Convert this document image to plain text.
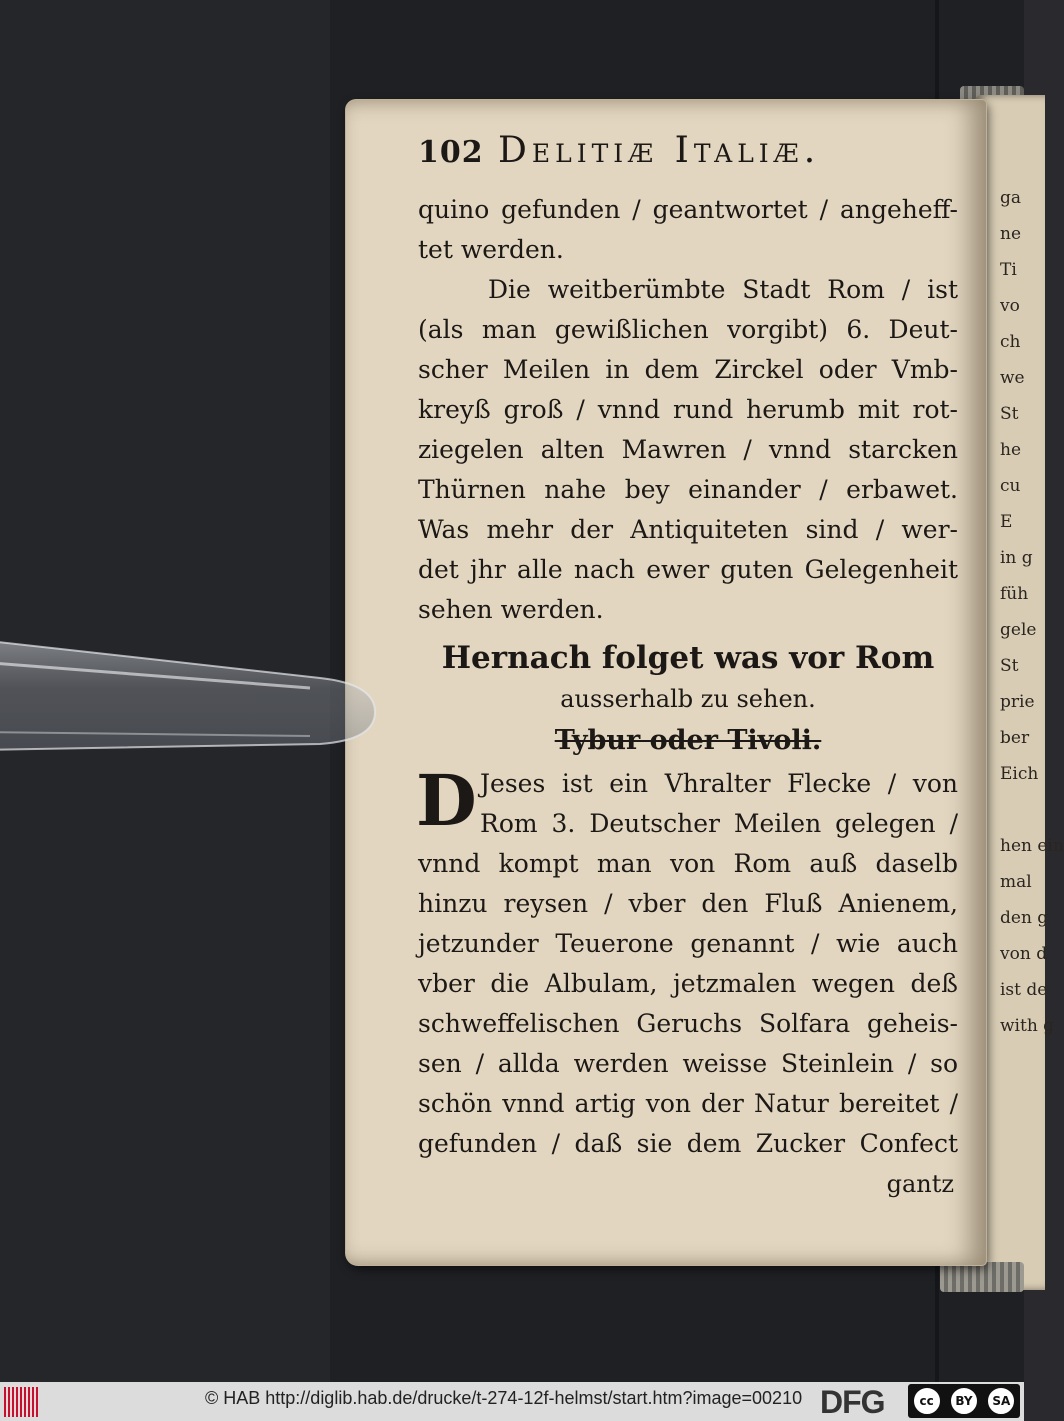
ga
ne
Ti
vo
ch
we
St
he
cu
E
in g
füh
gele
St
prie
ber
Eich

hen ein
mal
den
von
ist de
with g
102 Delitiæ Italiæ.
quino gefunden / geantwortet / angeheff-
tet werden.
Die weitberümbte Stadt Rom / ist
(als man gewißlichen vorgibt) 6. Deut-
scher Meilen in dem Zirckel oder Vmb-
kreyß groß / vnnd rund herumb mit rot-
ziegelen alten Mawren / vnnd starcken
Thürnen nahe bey einander / erbawet.
Was mehr der Antiquiteten sind / wer-
det jhr alle nach ewer guten Gelegenheit
sehen werden.
Hernach folget was vor Rom
ausserhalb zu sehen.
Tybur oder Tivoli.
D Jeses ist ein Vhralter Flecke / von
Rom 3. Deutscher Meilen gelegen /
vnnd kompt man von Rom auß daselb
hinzu reysen / vber den Fluß Anienem,
jetzunder Teuerone genannt / wie auch
vber die Albulam, jetzmalen wegen deß
schweffelischen Geruchs Solfara geheis-
sen / allda werden weisse Steinlein / so
schön vnnd artig von der Natur bereitet /
gefunden / daß sie dem Zucker Confect
gantz
© HAB http://diglib.hab.de/drucke/t-274-12f-helmst/start.htm?image=00210 DFG	cc	BY	SA
